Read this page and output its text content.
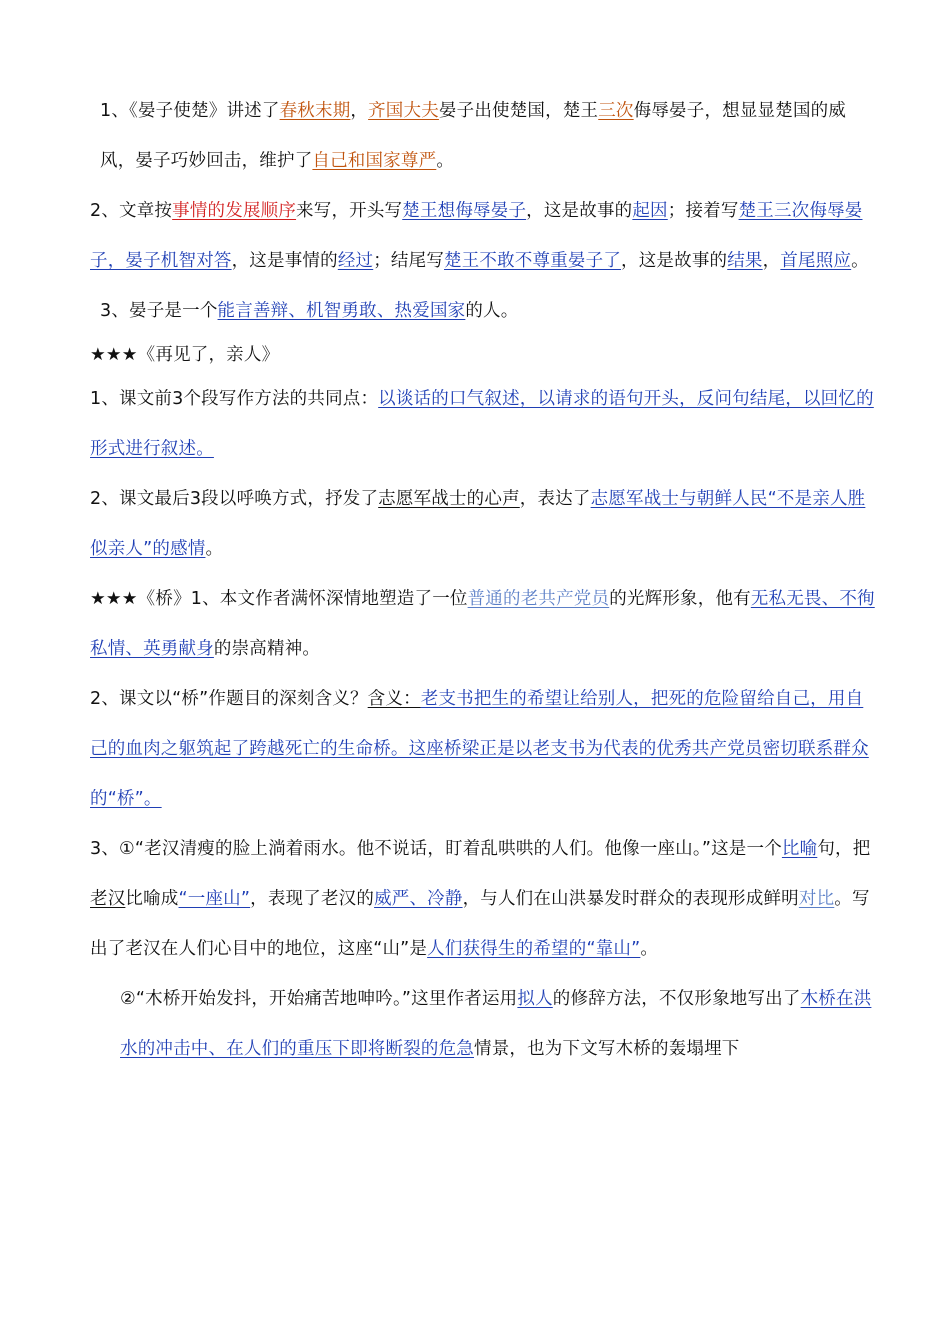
1、《晏子使楚》讲述了春秋末期，齐国大夫晏子出使楚国，楚王三次侮辱晏子，想显显楚国的威风，晏子巧妙回击，维护了自己和国家尊严。

2、文章按事情的发展顺序来写，开头写楚王想侮辱晏子，这是故事的起因；接着写楚王三次侮辱晏子，晏子机智对答，这是事情的经过；结尾写楚王不敢不尊重晏子了，这是故事的结果，首尾照应。

3、晏子是一个能言善辩、机智勇敢、热爱国家的人。

★★★《再见了，亲人》

1、课文前3个段写作方法的共同点：以谈话的口气叙述，以请求的语句开头，反问句结尾，以回忆的形式进行叙述。

2、课文最后3段以呼唤方式，抒发了志愿军战士的心声，表达了志愿军战士与朝鲜人民“不是亲人胜似亲人”的感情。

★★★《桥》1、本文作者满怀深情地塑造了一位普通的老共产党员的光辉形象，他有无私无畏、不徇私情、英勇献身的崇高精神。

2、课文以“桥”作题目的深刻含义？含义：老支书把生的希望让给别人，把死的危险留给自己，用自己的血肉之躯筑起了跨越死亡的生命桥。这座桥梁正是以老支书为代表的优秀共产党员密切联系群众的“桥”。

3、①“老汉清瘦的脸上淌着雨水。他不说话，盯着乱哄哄的人们。他像一座山。”这是一个比喻句，把老汉比喻成“一座山”，表现了老汉的威严、冷静，与人们在山洪暴发时群众的表现形成鲜明对比。写出了老汉在人们心目中的地位，这座“山”是人们获得生的希望的“靠山”。

②“木桥开始发抖，开始痛苦地呻吟。”这里作者运用拟人的修辞方法，不仅形象地写出了木桥在洪水的冲击中、在人们的重压下即将断裂的危急情景，也为下文写木桥的轰塌埋下
